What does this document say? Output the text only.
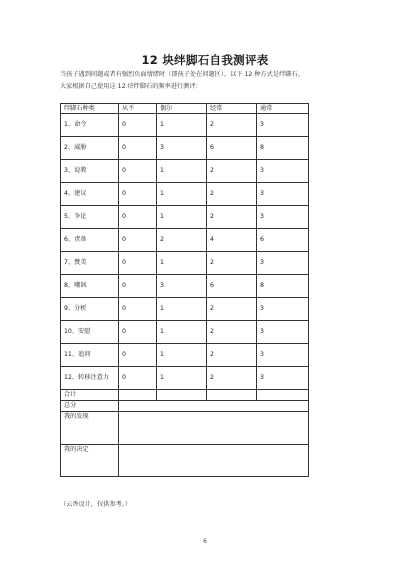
12 块绊脚石自我测评表
当孩子遇到问题或者有强烈负面情绪时（即孩子处在问题区），以下 12 种方式是绊脚石。
大家根据自己使用这 12 块绊脚石的频率进行测评：
绊脚石种类	从不	偶尔	经常	通常
1、命令	0	1	2	3
2、威胁	0	3	6	8
3、说教	0	1	2	3
4、建议	0	1	2	3
5、争论	0	1	2	3
6、责备	0	2	4	6
7、赞美	0	1	2	3
8、嘲讽	0	3	6	8
9、分析	0	1	2	3
10、安慰	0	1	2	3
11、追问	0	1	2	3
12、转移注意力	0	1	2	3
合计				
总分				
我的发现				
我的决定				
（云香设计，仅供参考。）
6
